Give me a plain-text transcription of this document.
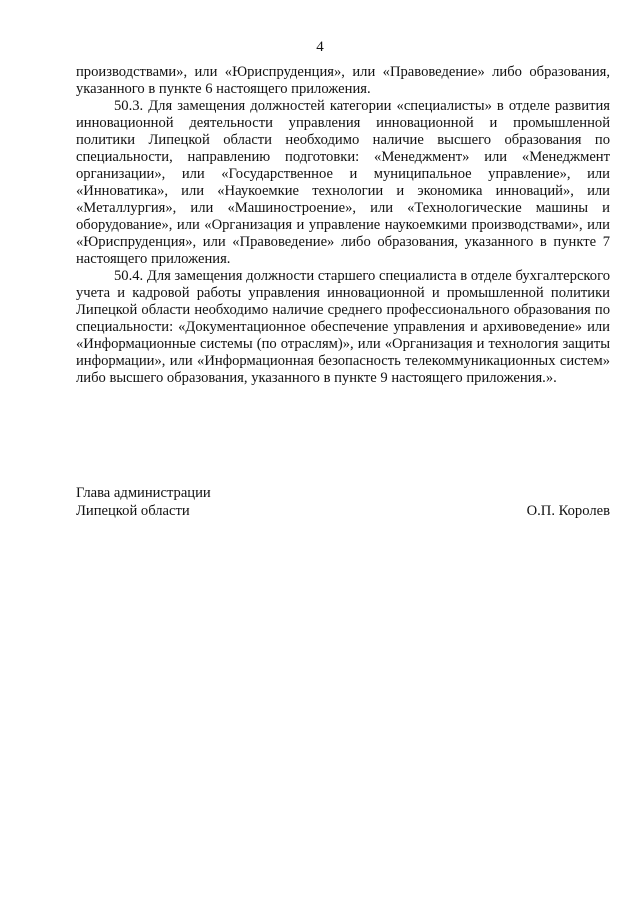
4

производствами», или «Юриспруденция», или «Правоведение» либо образования, указанного в пункте 6 настоящего приложения.

50.3. Для замещения должностей категории «специалисты» в отделе развития инновационной деятельности управления инновационной и промышленной политики Липецкой области необходимо наличие высшего образования по специальности, направлению подготовки: «Менеджмент» или «Менеджмент организации», или «Государственное и муниципальное управление», или «Инноватика», или «Наукоемкие технологии и экономика инноваций», или «Металлургия», или «Машиностроение», или «Технологические машины и оборудование», или «Организация и управление наукоемкими производствами», или «Юриспруденция», или «Правоведение» либо образования, указанного в пункте 7 настоящего приложения.

50.4. Для замещения должности старшего специалиста в отделе бухгалтерского учета и кадровой работы управления инновационной и промышленной политики Липецкой области необходимо наличие среднего профессионального образования по специальности: «Документационное обеспечение управления и архивоведение» или «Информационные системы (по отраслям)», или «Организация и технология защиты информации», или «Информационная безопасность телекоммуникационных систем» либо высшего образования, указанного в пункте 9 настоящего приложения.».

Глава администрации
Липецкой области	О.П. Королев
